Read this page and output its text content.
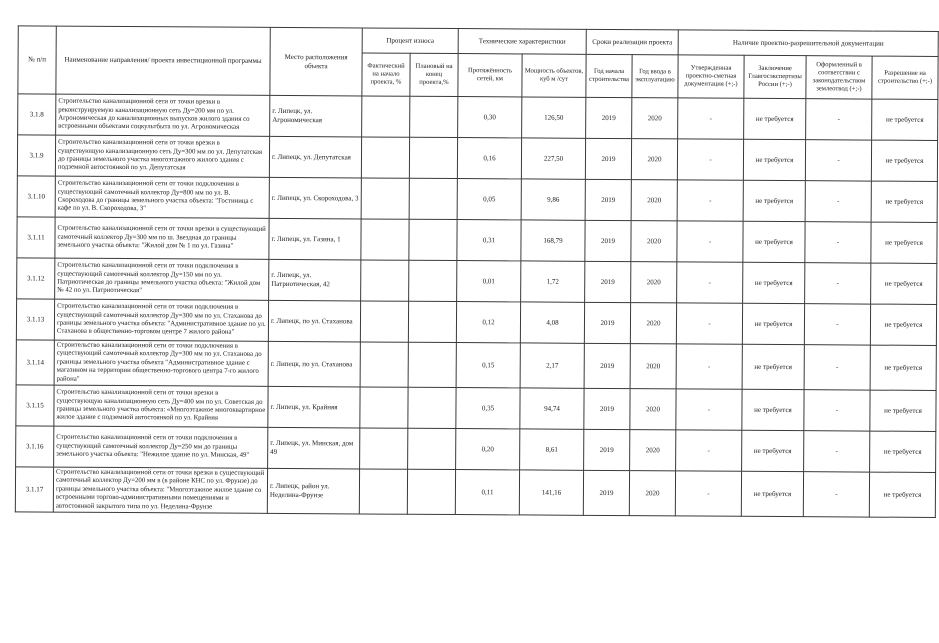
№ п/п	Наименование направления/ проекта инвестиционной программы	Место расположения объекта	Процент износа		Технические характеристики		Сроки реализации проекта		Наличие проектно-разрешительной документации			
			Фактический на начало проекта, %	Плановый на конец проекта,%	Протяжённость сетей, км	Мощность объектов, куб м /сут	Год начала строительства	Год ввода в эксплуатацию	Утвержденная проектно-сметная документация (+;-)	Заключение Главгосэкспертизы России (+;-)	Оформленный в соответствии с законодательством землеотвод (+;-)	Разрешение на строительство (+;-)
3.1.8	Строительство канализационной сети от точки врезки в реконструируемую канализационную сеть Ду=200 мм по ул. Агрономическая до канализационных выпусков жилого здания со встроенными объектами соцкультбыта по ул. Агрономическая	г. Липецк, ул. Агрономическая			0,30	126,50	2019	2020	-	не требуется	-	не требуется
3.1.9	Строительство канализационной сети от точки врезки в существующую канализационную сеть Ду=300 мм по ул. Депутатская до границы земельного участка многоэтажного жилого здания с подземной автостоянкой по ул. Депутатская	г. Липецк, ул. Депутатская			0,16	227,50	2019	2020	-	не требуется	-	не требуется
3.1.10	Строительство канализационной сети от точки подключения в существующий самотечный коллектор Ду=800 мм по ул. В. Скороходова до границы земельного участка объекта: "Гостиница с кафе по ул. В. Скороходова, 3"	г. Липецк, ул. Скороходова, 3			0,05	9,86	2019	2020	-	не требуется	-	не требуется
3.1.11	Строительство канализационной сети от точки врезки в существующий самотечный коллектор Ду=300 мм по ш. Звездная до границы земельного участка объекта: "Жилой дом № 1 по ул. Газина"	г. Липецк, ул. Газина, 1			0,31	168,79	2019	2020	-	не требуется	-	не требуется
3.1.12	Строительство канализационной сети от точки подключения в существующий самотечный коллектор Ду=150 мм по ул. Патриотическая до границы земельного участка объекта: "Жилой дом № 42 по ул. Патриотическая"	г. Липецк, ул. Патриотическая, 42			0,01	1,72	2019	2020	-	не требуется	-	не требуется
3.1.13	Строительство канализационной сети от точки подключения в существующий самотечный коллектор Ду=300 мм по ул. Стаханова до границы земельного участка объекта: "Административное здание по ул. Стаханова в общественно-торговом центре 7 жилого района"	г. Липецк, по ул. Стаханова			0,12	4,08	2019	2020	-	не требуется	-	не требуется
3.1.14	Строительство канализационной сети от точки подключения в существующий самотечный коллектор Ду=300 мм по ул. Стаханова до границы земельного участка объекта "Административное здание с магазином на территории общественно-торгового центра 7-го жилого района"	г. Липецк, по ул. Стаханова			0,15	2,17	2019	2020	-	не требуется	-	не требуется
3.1.15	Строительство канализационной сети от точки врезки в существующую канализационную сеть Ду=400 мм по ул. Советская до границы земельного участка объекта: «Многоэтажное многоквартирное жилое здание с подземной автостоянкой по ул. Крайняя	г. Липецк, ул. Крайняя			0,35	94,74	2019	2020	-	не требуется	-	не требуется
3.1.16	Строительство канализационной сети от точки подключения в существующий самотечный коллектор Ду=250 мм до границы земельного участка объекта: "Нежилое здание по ул. Минская, 49"	г. Липецк, ул. Минская, дом 49			0,20	8,61	2019	2020	-	не требуется	-	не требуется
3.1.17	Строительство канализационной сети от точки врезки в существующий самотечный коллектор Ду=200 мм в (в районе КНС по ул. Фрунзе) до границы земельного участка объекта: "Многоэтажное жилое здание со встроенными торгово-административными помещениями и автостоянкой закрытого типа по ул. Неделина-Фрунзе	г. Липецк, район ул. Неделина-Фрунзе			0,11	141,16	2019	2020	-	не требуется	-	не требуется
